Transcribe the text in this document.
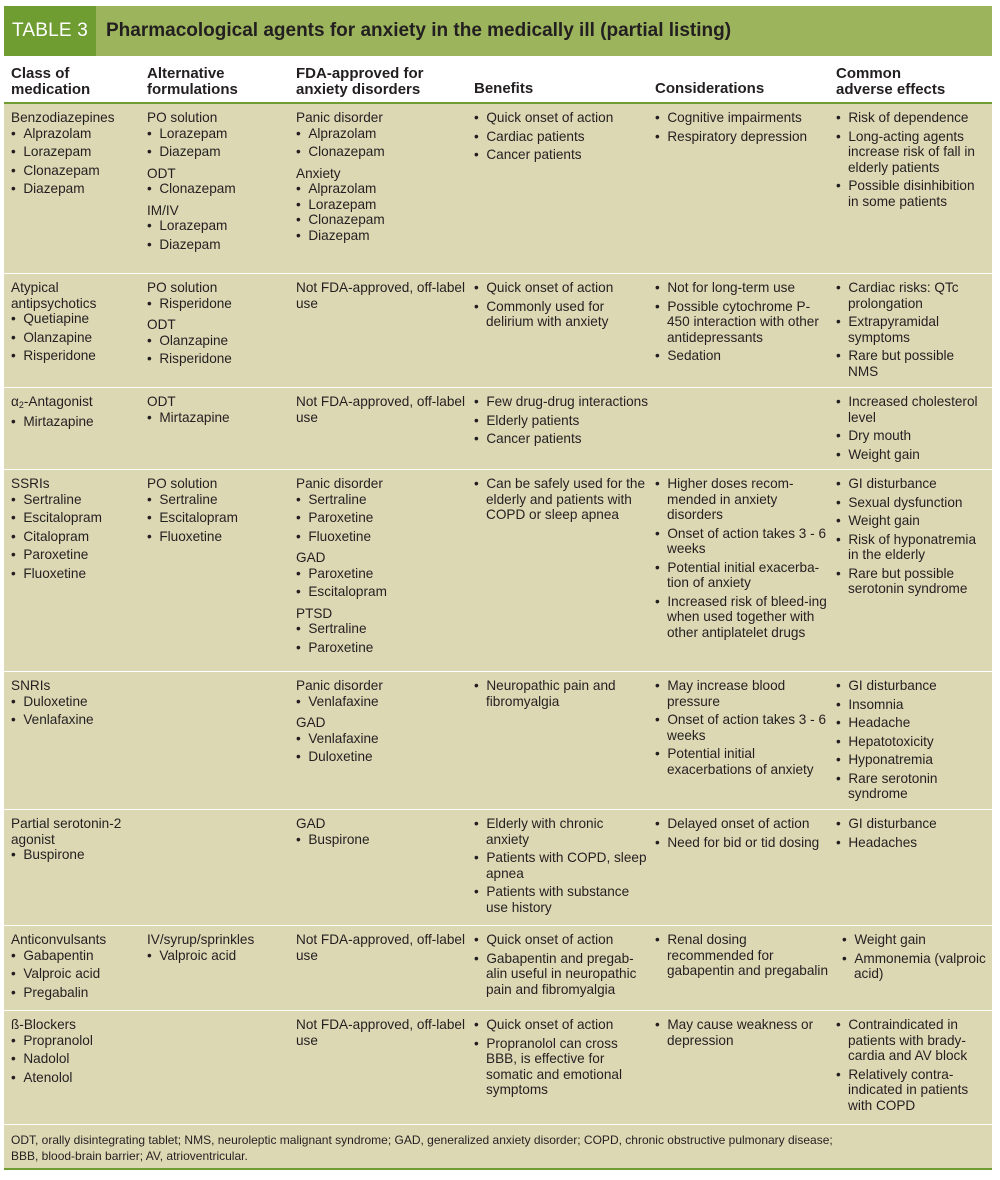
TABLE 3 Pharmacological agents for anxiety in the medically ill (partial listing)
Class of
medication
Alternative
formulations
FDA-approved for
anxiety disorders	Benefits	Considerations
Common
adverse effects
Benzodiazepines
•  Alprazolam
•  Lorazepam
•  Clonazepam
•  Diazepam
PO solution
•  Lorazepam
•  Diazepam
ODT
•  Clonazepam
IM/IV
•  Lorazepam
•  Diazepam
Panic disorder
•  Alprazolam
•  Clonazepam
Anxiety
•  Alprazolam
•  Lorazepam
•  Clonazepam
•  Diazepam
•  Quick onset of action
•  Cardiac patients
•  Cancer patients
•  Cognitive impairments
•  Respiratory depression
•  Risk of dependence
•  Long-acting agents increase risk of fall in elderly patients
•  Possible disinhibition in some patients
Atypical antipsychotics
•  Quetiapine
•  Olanzapine
•  Risperidone
PO solution
•  Risperidone
ODT
•  Olanzapine
•  Risperidone
Not FDA-approved, off-label use
•  Quick onset of action
•  Commonly used for delirium with anxiety
•  Not for long-term use
•  Possible cytochrome P-450 interaction with other antidepressants
•  Sedation
•  Cardiac risks: QTc prolongation
•  Extrapyramidal symptoms
•  Rare but possible NMS
$\alpha_2$-Antagonist
•  Mirtazapine
ODT
•  Mirtazapine
Not FDA-approved, off-label use
•  Few drug-drug interactions
•  Elderly patients
•  Cancer patients
•  Increased cholesterol level
•  Dry mouth
•  Weight gain
SSRIs
•  Sertraline
•  Escitalopram
•  Citalopram
•  Paroxetine
•  Fluoxetine
PO solution
•  Sertraline
•  Escitalopram
•  Fluoxetine
Panic disorder
•  Sertraline
•  Paroxetine
•  Fluoxetine
GAD
•  Paroxetine
•  Escitalopram
PTSD
•  Sertraline
•  Paroxetine
•  Can be safely used for the elderly and patients with COPD or sleep apnea
•  Higher doses recom-mended in anxiety disorders
•  Onset of action takes 3 - 6 weeks
•  Potential initial exacerba-tion of anxiety
•  Increased risk of bleed-ing when used together with other antiplatelet drugs
•  GI disturbance
•  Sexual dysfunction
•  Weight gain
•  Risk of hyponatremia in the elderly
•  Rare but possible serotonin syndrome
SNRIs
•  Duloxetine
•  Venlafaxine
Panic disorder
•  Venlafaxine
GAD
•  Venlafaxine
•  Duloxetine
•  Neuropathic pain and fibromyalgia
•  May increase blood pressure
•  Onset of action takes 3 - 6 weeks
•  Potential initial exacerbations of anxiety
•  GI disturbance
•  Insomnia
•  Headache
•  Hepatotoxicity
•  Hyponatremia
•  Rare serotonin syndrome
Partial serotonin-2 agonist
•  Buspirone
GAD
•  Buspirone
•  Elderly with chronic anxiety
•  Patients with COPD, sleep apnea
•  Patients with substance use history
•  Delayed onset of action
•  Need for bid or tid dosing
•  GI disturbance
•  Headaches
Anticonvulsants
•  Gabapentin
•  Valproic acid
•  Pregabalin
IV/syrup/sprinkles
•  Valproic acid
Not FDA-approved, off-label use
•  Quick onset of action
•  Gabapentin and pregab-alin useful in neuropathic pain and fibromyalgia
•  Renal dosing recommended for gabapentin and pregabalin
•  Weight gain
•  Ammonemia (valproic acid)
ß-Blockers
•  Propranolol
•  Nadolol
•  Atenolol
Not FDA-approved, off-label use
•  Quick onset of action
•  Propranolol can cross BBB, is effective for somatic and emotional symptoms
•  May cause weakness or depression
•  Contraindicated in patients with brady-cardia and AV block
•  Relatively contra-indicated in patients with COPD
ODT, orally disintegrating tablet; NMS, neuroleptic malignant syndrome; GAD, generalized anxiety disorder; COPD, chronic obstructive pulmonary disease;
BBB, blood-brain barrier; AV, atrioventricular.
